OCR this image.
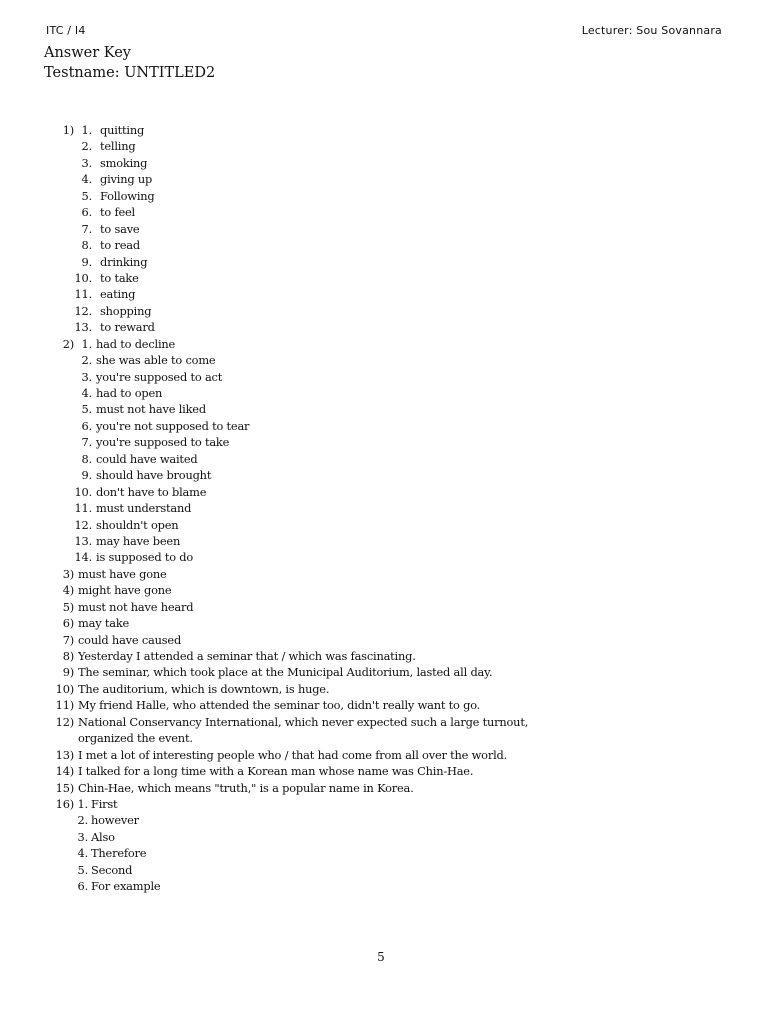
ITC / I4	Lecturer: Sou Sovannara
Answer Key
Testname: UNTITLED2
1) 1. quitting
2. telling
3. smoking
4. giving up
5. Following
6. to feel
7. to save
8. to read
9. drinking
10. to take
11. eating
12. shopping
13. to reward
2) 1. had to decline
2. she was able to come
3. you're supposed to act
4. had to open
5. must not have liked
6. you're not supposed to tear
7. you're supposed to take
8. could have waited
9. should have brought
10. don't have to blame
11. must understand
12. shouldn't open
13. may have been
14. is supposed to do
3) must have gone
4) might have gone
5) must not have heard
6) may take
7) could have caused
8) Yesterday I attended a seminar that / which was fascinating.
9) The seminar, which took place at the Municipal Auditorium, lasted all day.
10) The auditorium, which is downtown, is huge.
11) My friend Halle, who attended the seminar too, didn't really want to go.
12) National Conservancy International, which never expected such a large turnout,
organized the event.
13) I met a lot of interesting people who / that had come from all over the world.
14) I talked for a long time with a Korean man whose name was Chin-Hae.
15) Chin-Hae, which means "truth," is a popular name in Korea.
16) 1. First
2. however
3. Also
4. Therefore
5. Second
6. For example
5
